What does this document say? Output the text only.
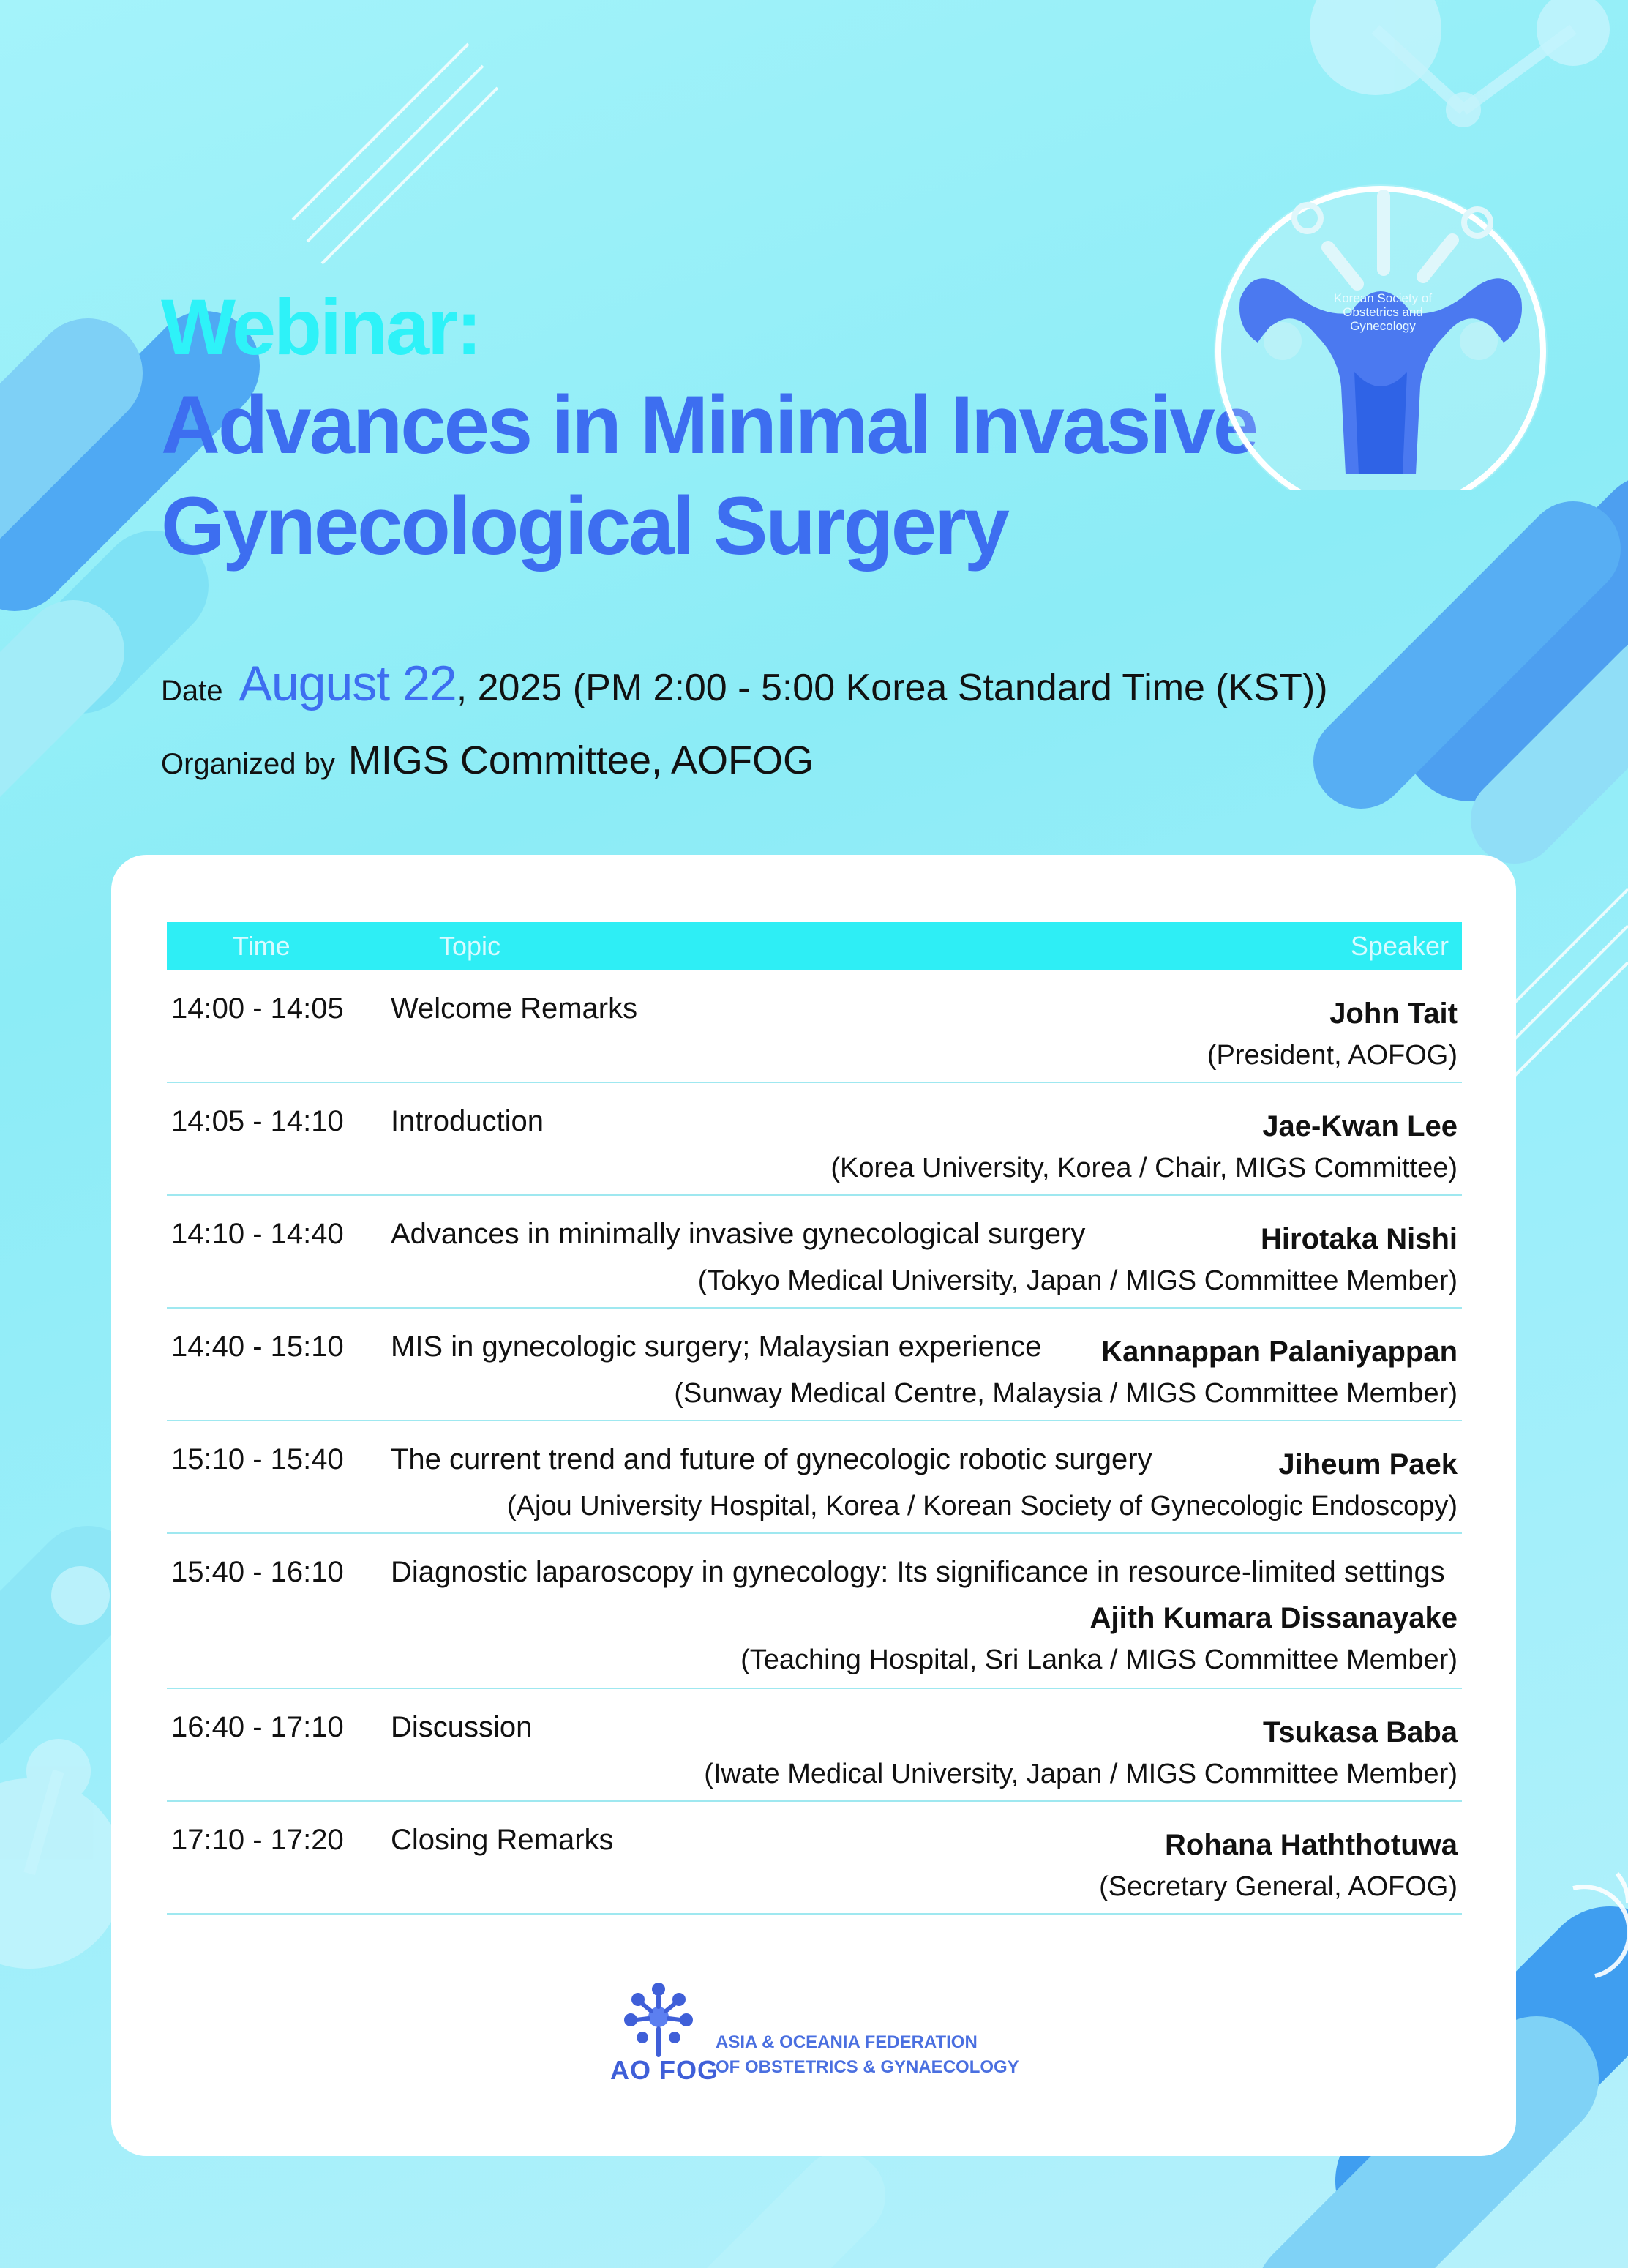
Webinar:
Advances in Minimal Invasive
Gynecological Surgery
Date August 22, 2025 (PM 2:00 - 5:00 Korea Standard Time (KST))
Organized by MIGS Committee, AOFOG
Korean Society of Obstetrics and Gynecology
Time	Topic	Speaker
14:00 - 14:05 Welcome Remarks	John Tait
(President, AOFOG)
14:05 - 14:10 Introduction	Jae-Kwan Lee
(Korea University, Korea / Chair, MIGS Committee)
14:10 - 14:40 Advances in minimally invasive gynecological surgery	Hirotaka Nishi
(Tokyo Medical University, Japan / MIGS Committee Member)
14:40 - 15:10 MIS in gynecologic surgery; Malaysian experience	Kannappan Palaniyappan
(Sunway Medical Centre, Malaysia / MIGS Committee Member)
15:10 - 15:40 The current trend and future of gynecologic robotic surgery	Jiheum Paek
(Ajou University Hospital, Korea / Korean Society of Gynecologic Endoscopy)
15:40 - 16:10 Diagnostic laparoscopy in gynecology: Its significance in resource-limited settings
Ajith Kumara Dissanayake
(Teaching Hospital, Sri Lanka / MIGS Committee Member)
16:40 - 17:10 Discussion	Tsukasa Baba
(Iwate Medical University, Japan / MIGS Committee Member)
17:10 - 17:20 Closing Remarks	Rohana Haththotuwa
(Secretary General, AOFOG)
AO FOG
ASIA & OCEANIA FEDERATION
OF OBSTETRICS & GYNAECOLOGY
